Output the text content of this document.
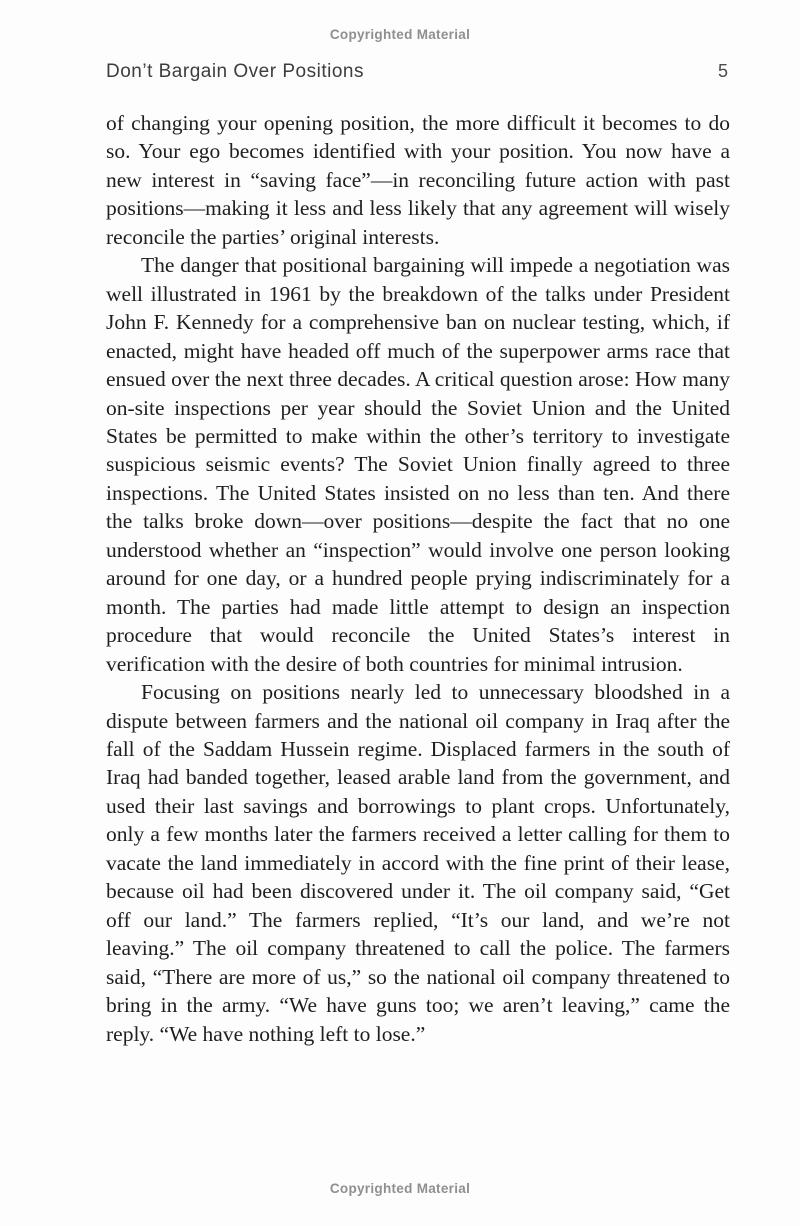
Copyrighted Material
Don’t Bargain Over Positions	5

of changing your opening position, the more difficult it becomes to do so. Your ego becomes identified with your position. You now have a new interest in “saving face”—in reconciling future action with past positions—making it less and less likely that any agreement will wisely reconcile the parties’ original interests.

The danger that positional bargaining will impede a negotiation was well illustrated in 1961 by the breakdown of the talks under President John F. Kennedy for a comprehensive ban on nuclear testing, which, if enacted, might have headed off much of the superpower arms race that ensued over the next three decades. A critical question arose: How many on-site inspections per year should the Soviet Union and the United States be permitted to make within the other’s territory to investigate suspicious seismic events? The Soviet Union finally agreed to three inspections. The United States insisted on no less than ten. And there the talks broke down—over positions—despite the fact that no one understood whether an “inspection” would involve one person looking around for one day, or a hundred people prying indiscriminately for a month. The parties had made little attempt to design an inspection procedure that would reconcile the United States’s interest in verification with the desire of both countries for minimal intrusion.

Focusing on positions nearly led to unnecessary bloodshed in a dispute between farmers and the national oil company in Iraq after the fall of the Saddam Hussein regime. Displaced farmers in the south of Iraq had banded together, leased arable land from the government, and used their last savings and borrowings to plant crops. Unfortunately, only a few months later the farmers received a letter calling for them to vacate the land immediately in accord with the fine print of their lease, because oil had been discovered under it. The oil company said, “Get off our land.” The farmers replied, “It’s our land, and we’re not leaving.” The oil company threatened to call the police. The farmers said, “There are more of us,” so the national oil company threatened to bring in the army. “We have guns too; we aren’t leaving,” came the reply. “We have nothing left to lose.”

Copyrighted Material
